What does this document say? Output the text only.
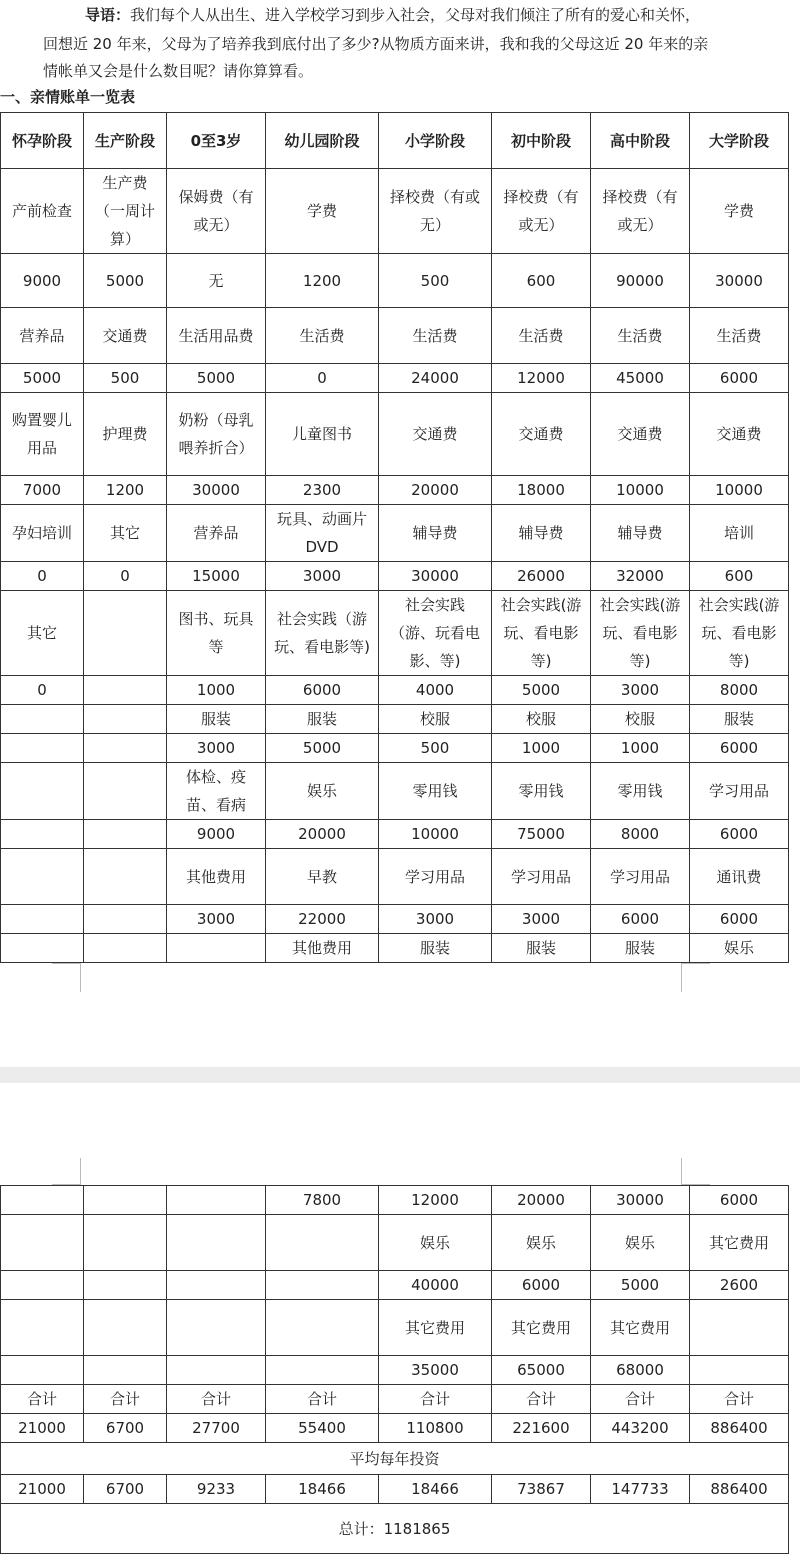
导语：我们每个人从出生、进入学校学习到步入社会，父母对我们倾注了所有的爱心和关怀，
回想近 20 年来，父母为了培养我到底付出了多少?从物质方面来讲，我和我的父母这近 20 年来的亲
情帐单又会是什么数目呢？请你算算看。
一、亲情账单一览表
怀孕阶段	生产阶段	0至3岁	幼儿园阶段	小学阶段	初中阶段	高中阶段	大学阶段
产前检查	生产费（一周计算）	保姆费（有或无）	学费	择校费（有或无）	择校费（有或无）	择校费（有或无）	学费
9000	5000	无	1200	500	600	90000	30000
营养品	交通费	生活用品费	生活费	生活费	生活费	生活费	生活费
5000	500	5000	0	24000	12000	45000	6000
购置婴儿用品	护理费	奶粉（母乳喂养折合）	儿童图书	交通费	交通费	交通费	交通费
7000	1200	30000	2300	20000	18000	10000	10000
孕妇培训	其它	营养品	玩具、动画片 DVD	辅导费	辅导费	辅导费	培训
0	0	15000	3000	30000	26000	32000	600
其它		图书、玩具等	社会实践（游玩、看电影等)	社会实践（游、玩看电影、等)	社会实践(游玩、看电影等)	社会实践(游玩、看电影等)	社会实践(游玩、看电影等)
0		1000	6000	4000	5000	3000	8000
		服装	服装	校服	校服	校服	服装
		3000	5000	500	1000	1000	6000
		体检、疫苗、看病	娱乐	零用钱	零用钱	零用钱	学习用品
		9000	20000	10000	75000	8000	6000
		其他费用	早教	学习用品	学习用品	学习用品	通讯费
		3000	22000	3000	3000	6000	6000
			其他费用	服装	服装	服装	娱乐
			7800	12000	20000	30000	6000
				娱乐	娱乐	娱乐	其它费用
				40000	6000	5000	2600
				其它费用	其它费用	其它费用	
				35000	65000	68000	
合计	合计	合计	合计	合计	合计	合计	合计
21000	6700	27700	55400	110800	221600	443200	886400
平均每年投资							
21000	6700	9233	18466	18466	73867	147733	886400
总计：1181865							
